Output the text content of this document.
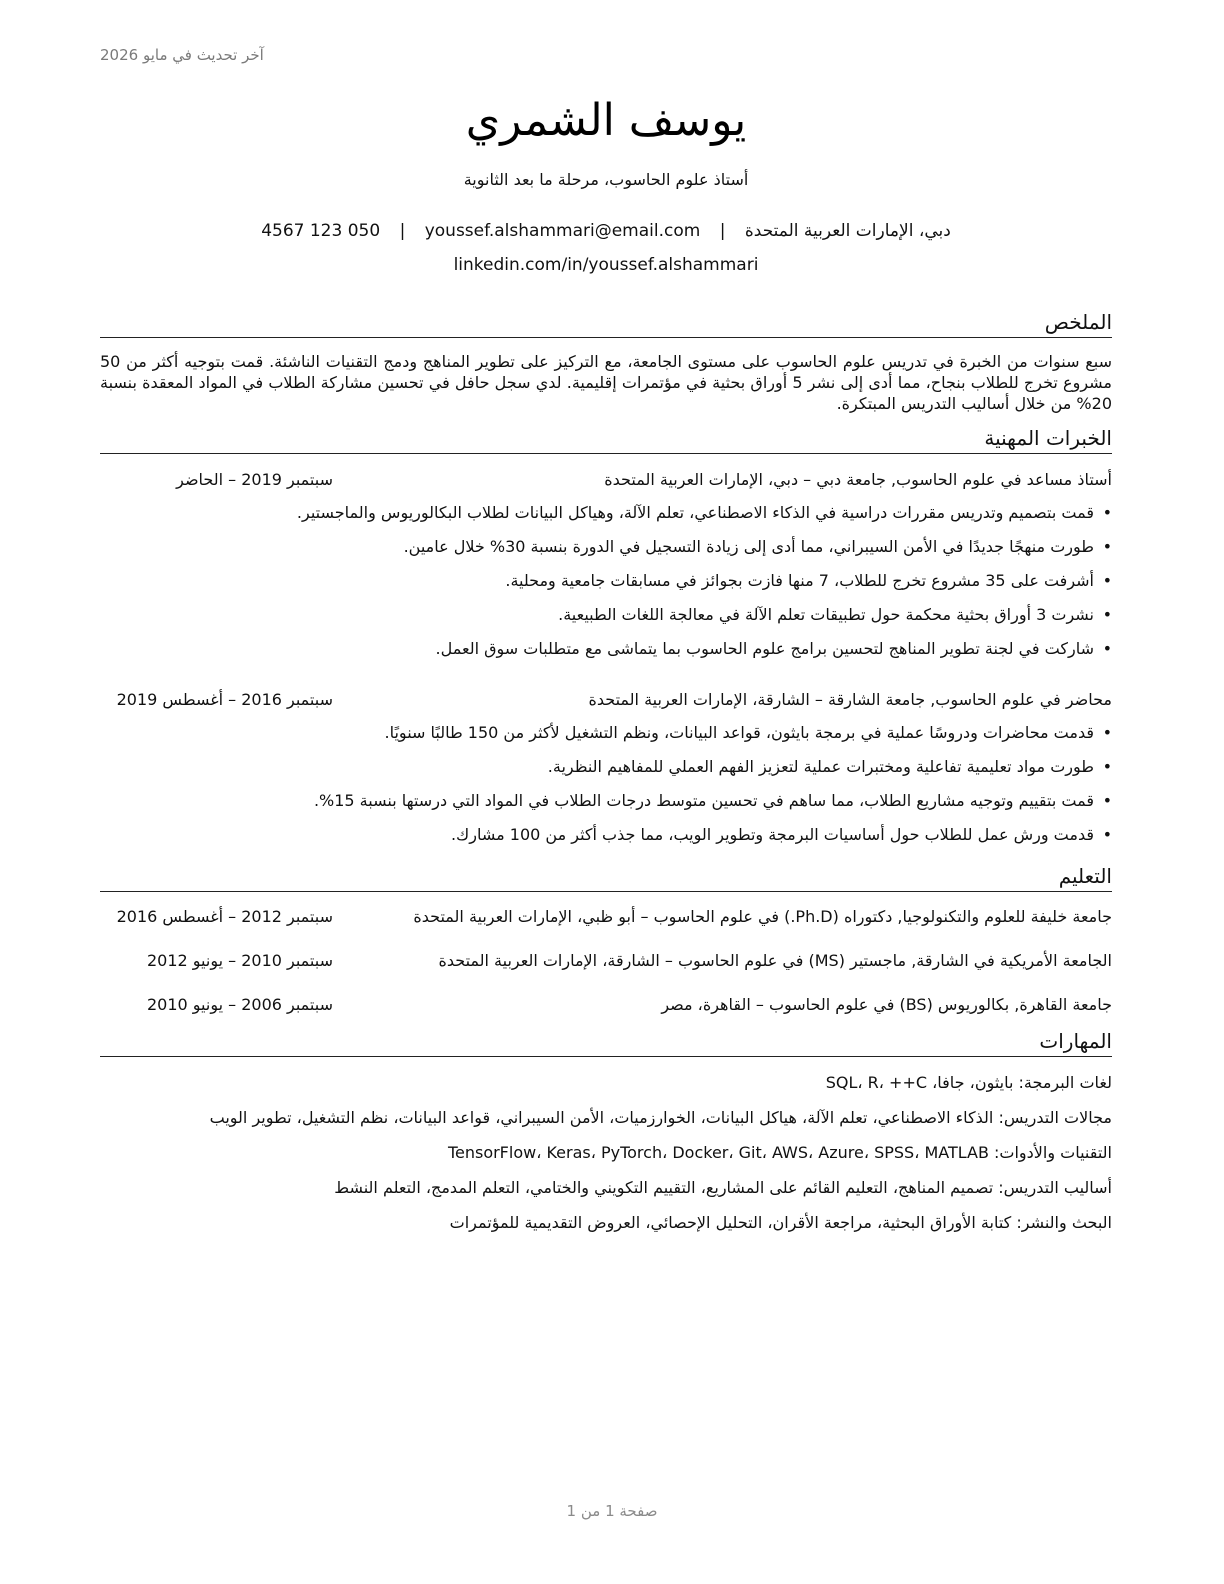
آخر تحديث في مايو 2026
يوسف الشمري
أستاذ علوم الحاسوب، مرحلة ما بعد الثانوية
دبي، الإمارات العربية المتحدة | youssef.alshammari@email.com | 4567 123 050
linkedin.com/in/youssef.alshammari
الملخص
سبع سنوات من الخبرة في تدريس علوم الحاسوب على مستوى الجامعة، مع التركيز على تطوير المناهج ودمج التقنيات الناشئة. قمت بتوجيه أكثر من 50 مشروع تخرج للطلاب بنجاح، مما أدى إلى نشر 5 أوراق بحثية في مؤتمرات إقليمية. لدي سجل حافل في تحسين مشاركة الطلاب في المواد المعقدة بنسبة 20% من خلال أساليب التدريس المبتكرة.
الخبرات المهنية
أستاذ مساعد في علوم الحاسوب, جامعة دبي – دبي، الإمارات العربية المتحدة
سبتمبر 2019 – الحاضر
•
قمت بتصميم وتدريس مقررات دراسية في الذكاء الاصطناعي، تعلم الآلة، وهياكل البيانات لطلاب البكالوريوس والماجستير.
•
طورت منهجًا جديدًا في الأمن السيبراني، مما أدى إلى زيادة التسجيل في الدورة بنسبة 30% خلال عامين.
•
أشرفت على 35 مشروع تخرج للطلاب، 7 منها فازت بجوائز في مسابقات جامعية ومحلية.
•
نشرت 3 أوراق بحثية محكمة حول تطبيقات تعلم الآلة في معالجة اللغات الطبيعية.
•
شاركت في لجنة تطوير المناهج لتحسين برامج علوم الحاسوب بما يتماشى مع متطلبات سوق العمل.
محاضر في علوم الحاسوب, جامعة الشارقة – الشارقة، الإمارات العربية المتحدة
سبتمبر 2016 – أغسطس 2019
•
قدمت محاضرات ودروسًا عملية في برمجة بايثون، قواعد البيانات، ونظم التشغيل لأكثر من 150 طالبًا سنويًا.
•
طورت مواد تعليمية تفاعلية ومختبرات عملية لتعزيز الفهم العملي للمفاهيم النظرية.
•
قمت بتقييم وتوجيه مشاريع الطلاب، مما ساهم في تحسين متوسط درجات الطلاب في المواد التي درستها بنسبة 15%.
•
قدمت ورش عمل للطلاب حول أساسيات البرمجة وتطوير الويب، مما جذب أكثر من 100 مشارك.
التعليم
جامعة خليفة للعلوم والتكنولوجيا, دكتوراه (Ph.D.) في علوم الحاسوب – أبو ظبي، الإمارات العربية المتحدة
سبتمبر 2012 – أغسطس 2016
الجامعة الأمريكية في الشارقة, ماجستير (MS) في علوم الحاسوب – الشارقة، الإمارات العربية المتحدة
سبتمبر 2010 – يونيو 2012
جامعة القاهرة, بكالوريوس (BS) في علوم الحاسوب – القاهرة، مصر
سبتمبر 2006 – يونيو 2010
المهارات
لغات البرمجة: بايثون، جافا، SQL، R، ++C
مجالات التدريس: الذكاء الاصطناعي، تعلم الآلة، هياكل البيانات، الخوارزميات، الأمن السيبراني، قواعد البيانات، نظم التشغيل، تطوير الويب
التقنيات والأدوات: TensorFlow، Keras، PyTorch، Docker، Git، AWS، Azure، SPSS، MATLAB
أساليب التدريس: تصميم المناهج، التعليم القائم على المشاريع، التقييم التكويني والختامي، التعلم المدمج، التعلم النشط
البحث والنشر: كتابة الأوراق البحثية، مراجعة الأقران، التحليل الإحصائي، العروض التقديمية للمؤتمرات
صفحة 1 من 1
